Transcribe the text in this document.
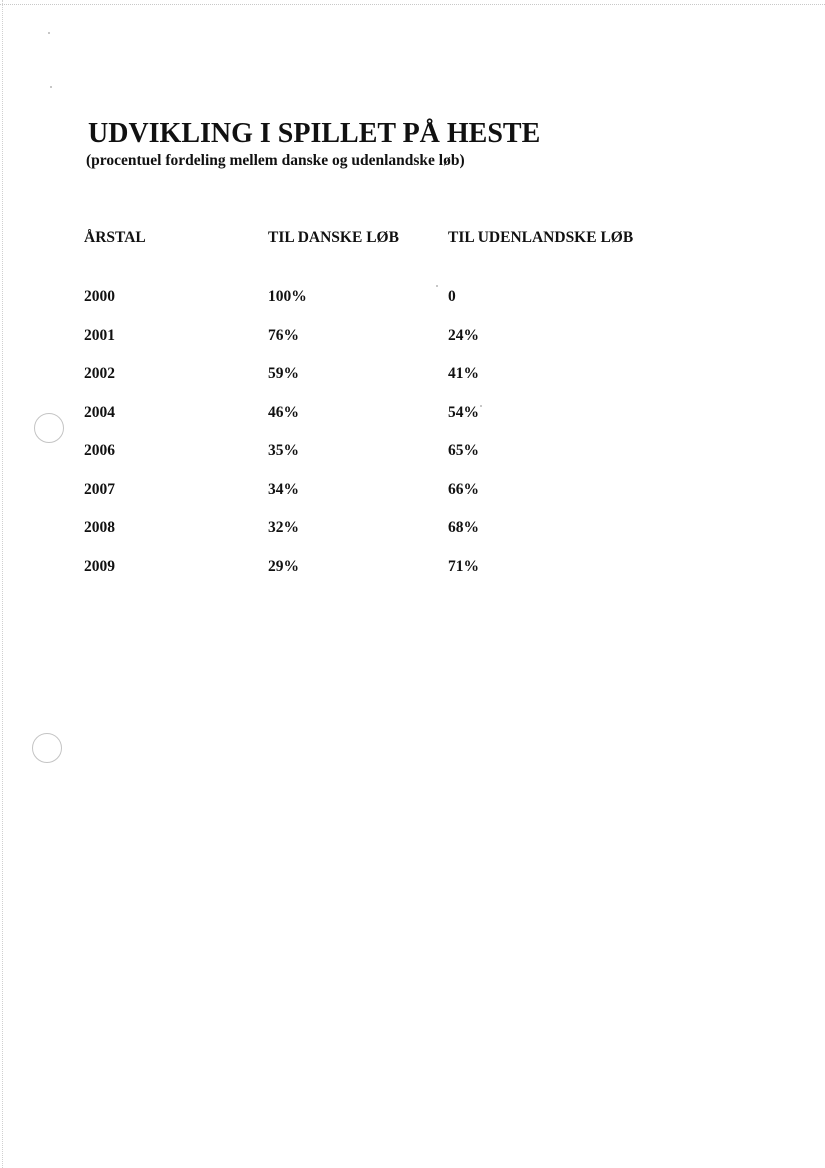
UDVIKLING I SPILLET PÅ HESTE

(procentuel fordeling mellem danske og udenlandske løb)

ÅRSTAL	TIL DANSKE LØB	TIL UDENLANDSKE LØB

2000	100%	0
2001	76%	24%
2002	59%	41%
2004	46%	54%
2006	35%	65%
2007	34%	66%
2008	32%	68%
2009	29%	71%
